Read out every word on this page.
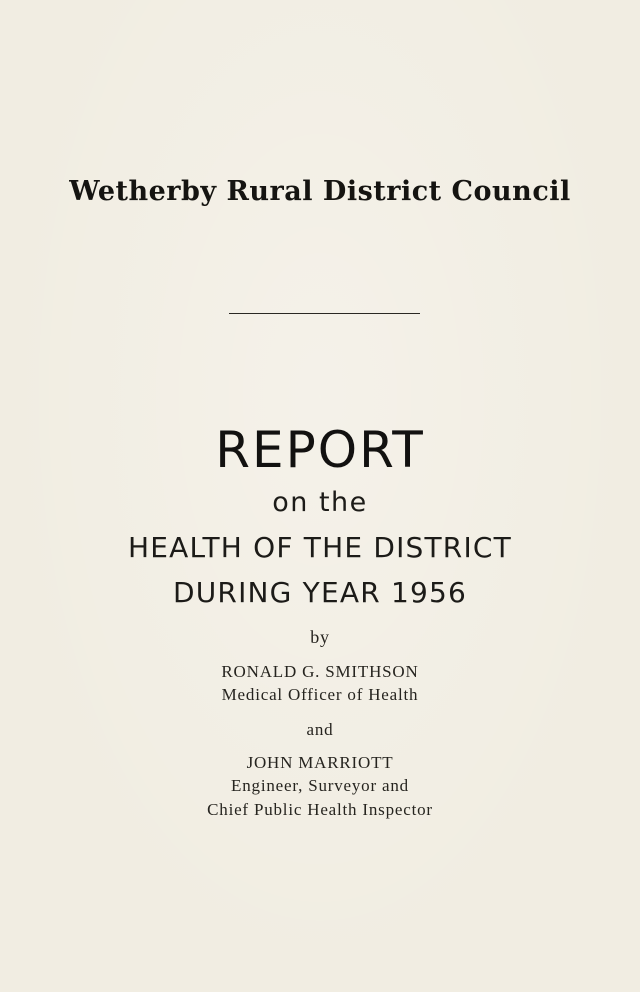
Wetherby Rural District Council
REPORT
on the
HEALTH OF THE DISTRICT
DURING YEAR 1956
by
RONALD G. SMITHSON
Medical Officer of Health
and
JOHN MARRIOTT
Engineer, Surveyor and
Chief Public Health Inspector
